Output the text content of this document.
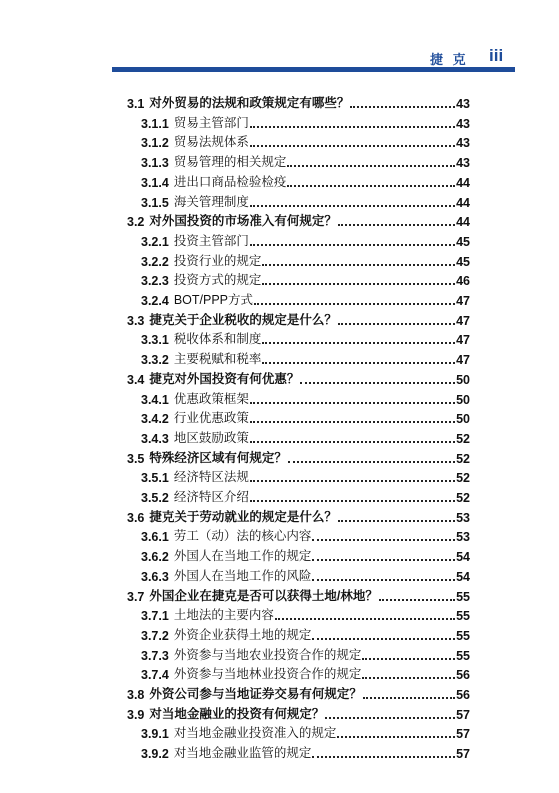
捷 克 iii
3.1 对外贸易的法规和政策规定有哪些？	43
3.1.1 贸易主管部门	43
3.1.2 贸易法规体系	43
3.1.3 贸易管理的相关规定	43
3.1.4 进出口商品检验检疫	44
3.1.5 海关管理制度	44
3.2 对外国投资的市场准入有何规定？	44
3.2.1 投资主管部门	45
3.2.2 投资行业的规定	45
3.2.3 投资方式的规定	46
3.2.4 BOT/PPP方式	47
3.3 捷克关于企业税收的规定是什么？	47
3.3.1 税收体系和制度	47
3.3.2 主要税赋和税率	47
3.4 捷克对外国投资有何优惠？	50
3.4.1 优惠政策框架	50
3.4.2 行业优惠政策	50
3.4.3 地区鼓励政策	52
3.5 特殊经济区域有何规定？	52
3.5.1 经济特区法规	52
3.5.2 经济特区介绍	52
3.6 捷克关于劳动就业的规定是什么？	53
3.6.1 劳工（动）法的核心内容	53
3.6.2 外国人在当地工作的规定	54
3.6.3 外国人在当地工作的风险	54
3.7 外国企业在捷克是否可以获得土地/林地？	55
3.7.1 土地法的主要内容	55
3.7.2 外资企业获得土地的规定	55
3.7.3 外资参与当地农业投资合作的规定	55
3.7.4 外资参与当地林业投资合作的规定	56
3.8 外资公司参与当地证券交易有何规定？	56
3.9 对当地金融业的投资有何规定？	57
3.9.1 对当地金融业投资准入的规定	57
3.9.2 对当地金融业监管的规定	57
